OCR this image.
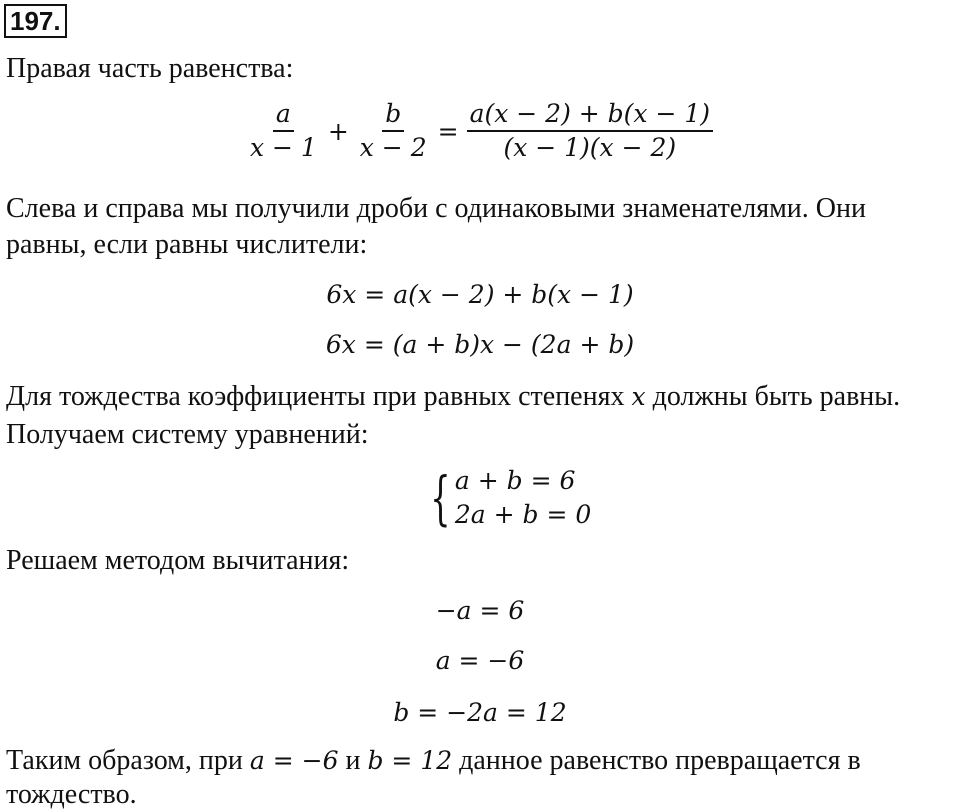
197.
Правая часть равенства:
$\frac{a}{x - 1} + \frac{b}{x - 2} = \frac{a(x - 2) + b(x - 1)}{(x - 1)(x - 2)}$
Слева и справа мы получили дроби с одинаковыми знаменателями. Они
равны, если равны числители:
6x = a(x − 2) + b(x − 1)
6x = (a + b)x − (2a + b)
Для тождества коэффициенты при равных степенях x должны быть равны.
Получаем систему уравнений:
{ a + b = 6
2a + b = 0
Решаем методом вычитания:
−a = 6
a = −6
b = −2a = 12
Таким образом, при a = −6 и b = 12 данное равенство превращается в
тождество.
